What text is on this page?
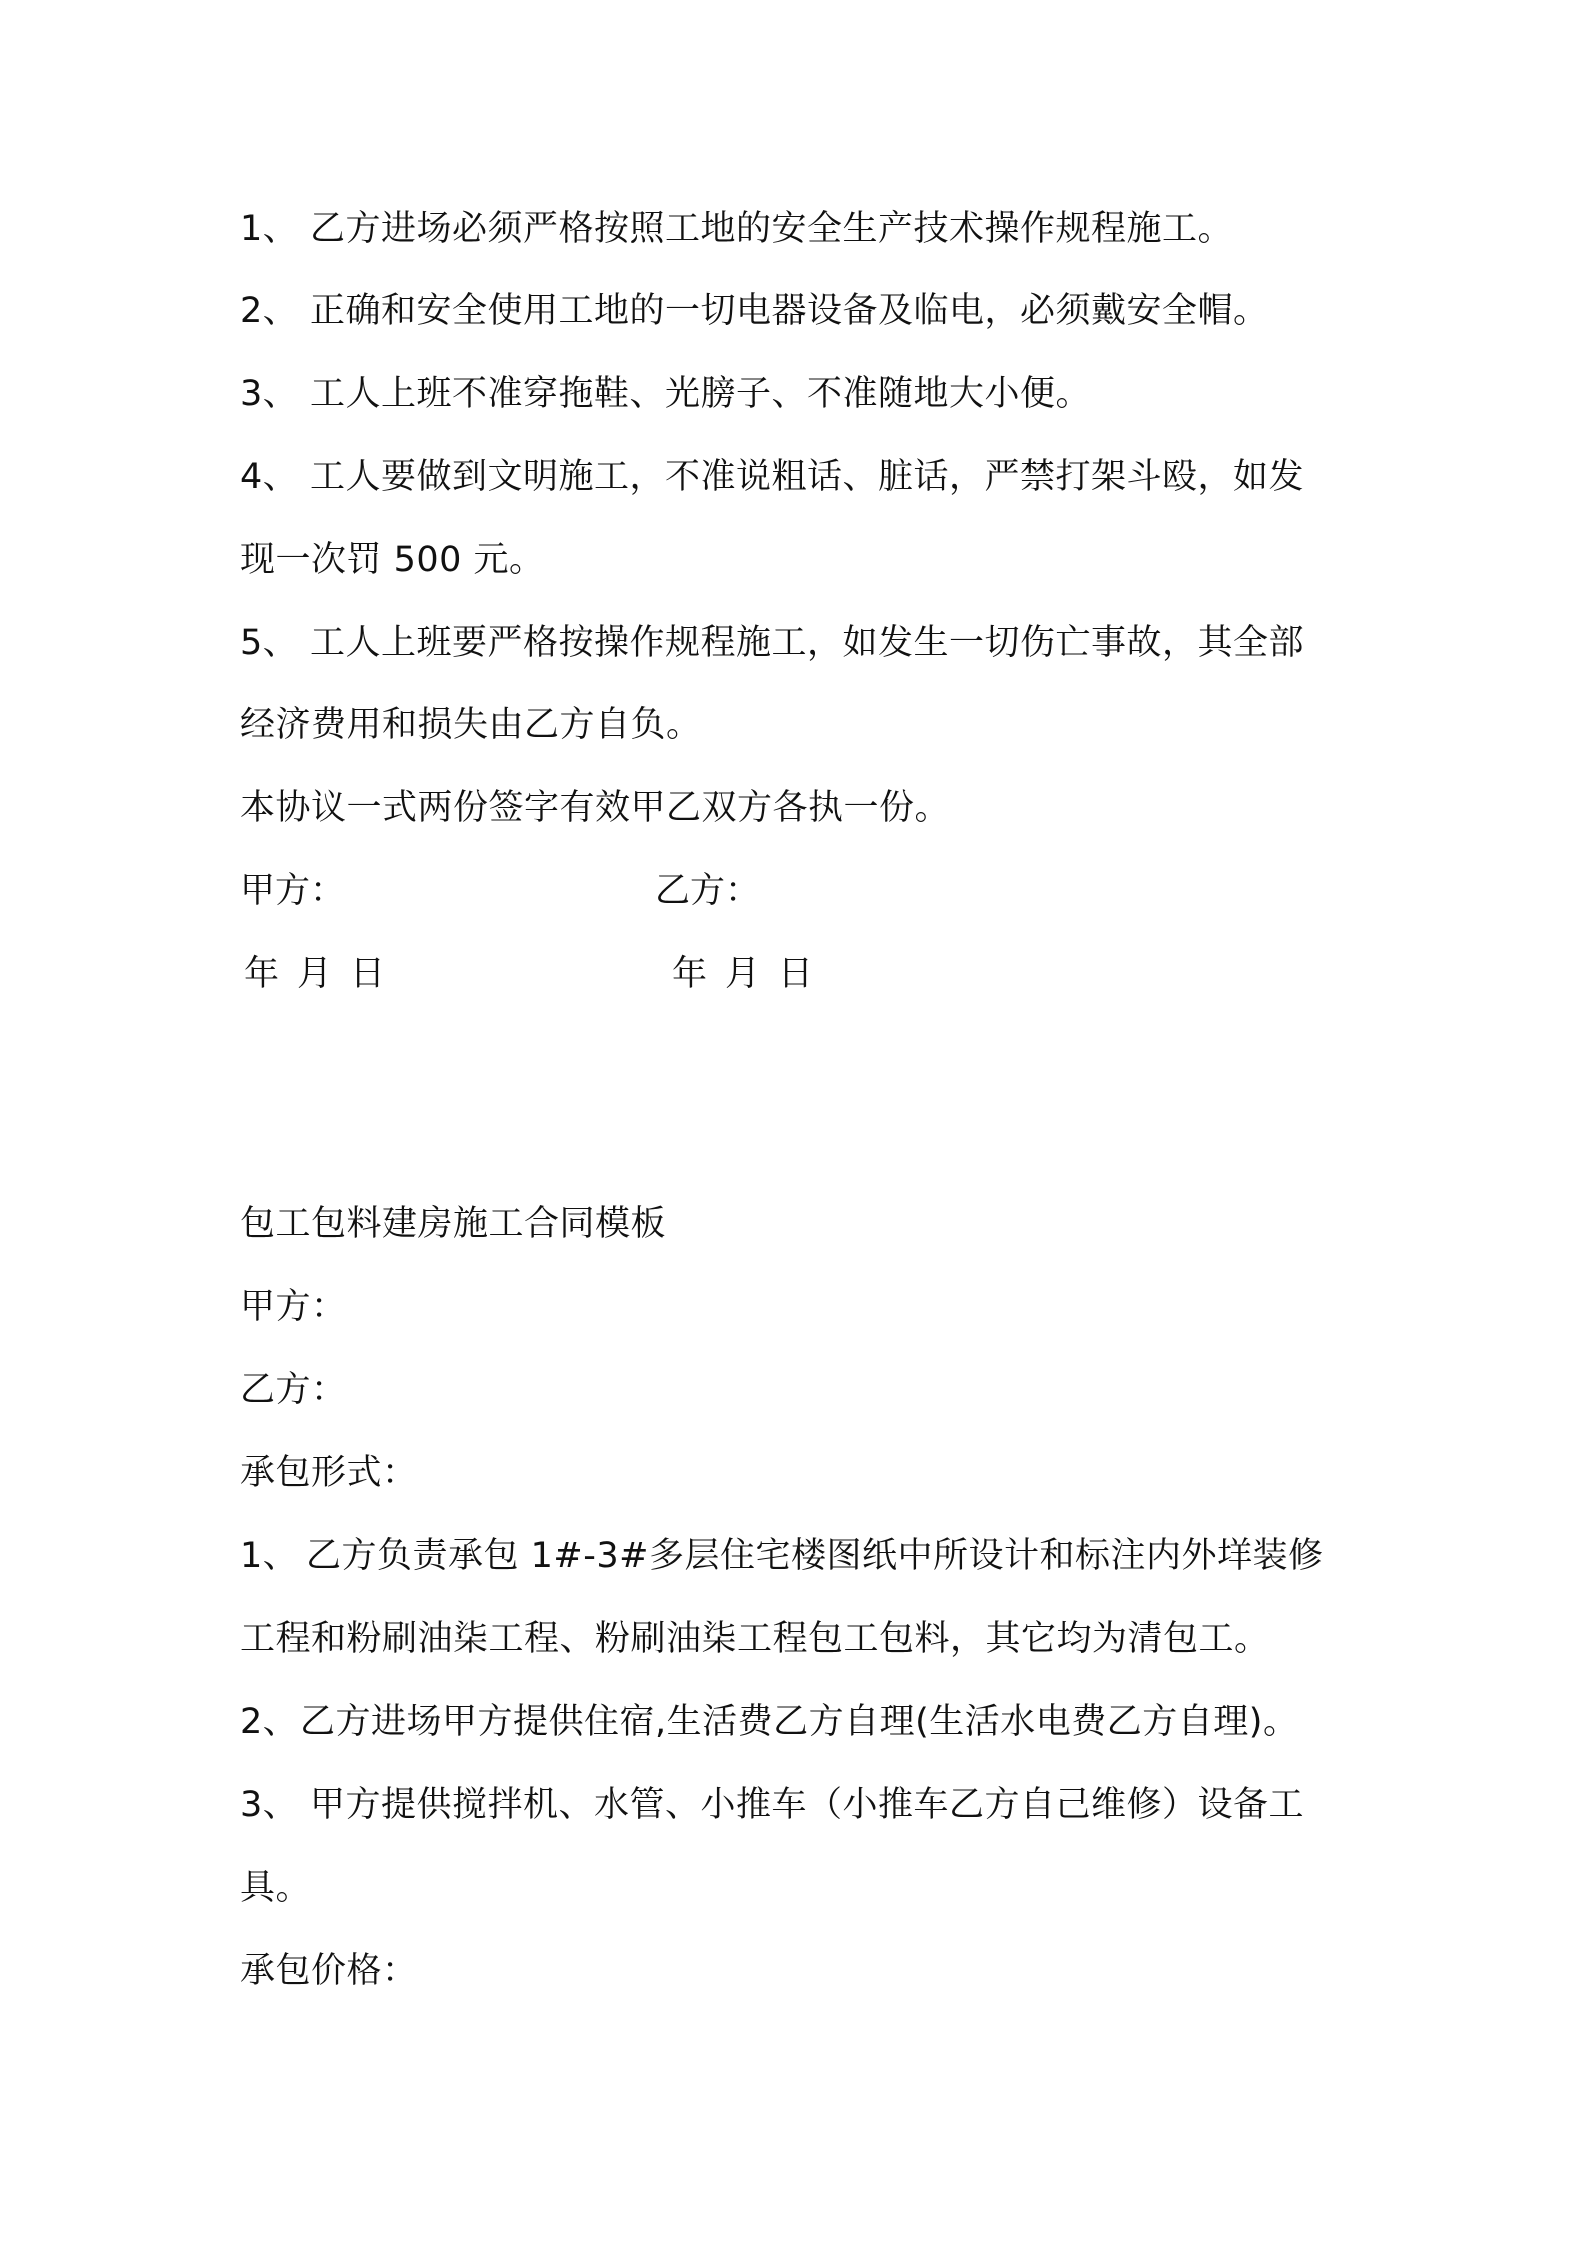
1、 乙方进场必须严格按照工地的安全生产技术操作规程施工。
2、 正确和安全使用工地的一切电器设备及临电，必须戴安全帽。
3、 工人上班不准穿拖鞋、光膀子、不准随地大小便。
4、 工人要做到文明施工，不准说粗话、脏话，严禁打架斗殴，如发
现一次罚 500 元。
5、 工人上班要严格按操作规程施工，如发生一切伤亡事故，其全部
经济费用和损失由乙方自负。
本协议一式两份签字有效甲乙双方各执一份。
甲方：	乙方：
年 月 日	年 月 日
包工包料建房施工合同模板
甲方：
乙方：
承包形式：
1、 乙方负责承包 1#-3#多层住宅楼图纸中所设计和标注内外垟装修
工程和粉刷油柒工程、粉刷油柒工程包工包料，其它均为清包工。
2、乙方进场甲方提供住宿,生活费乙方自理(生活水电费乙方自理)。
3、 甲方提供搅拌机、水管、小推车（小推车乙方自己维修）设备工
具。
承包价格：
